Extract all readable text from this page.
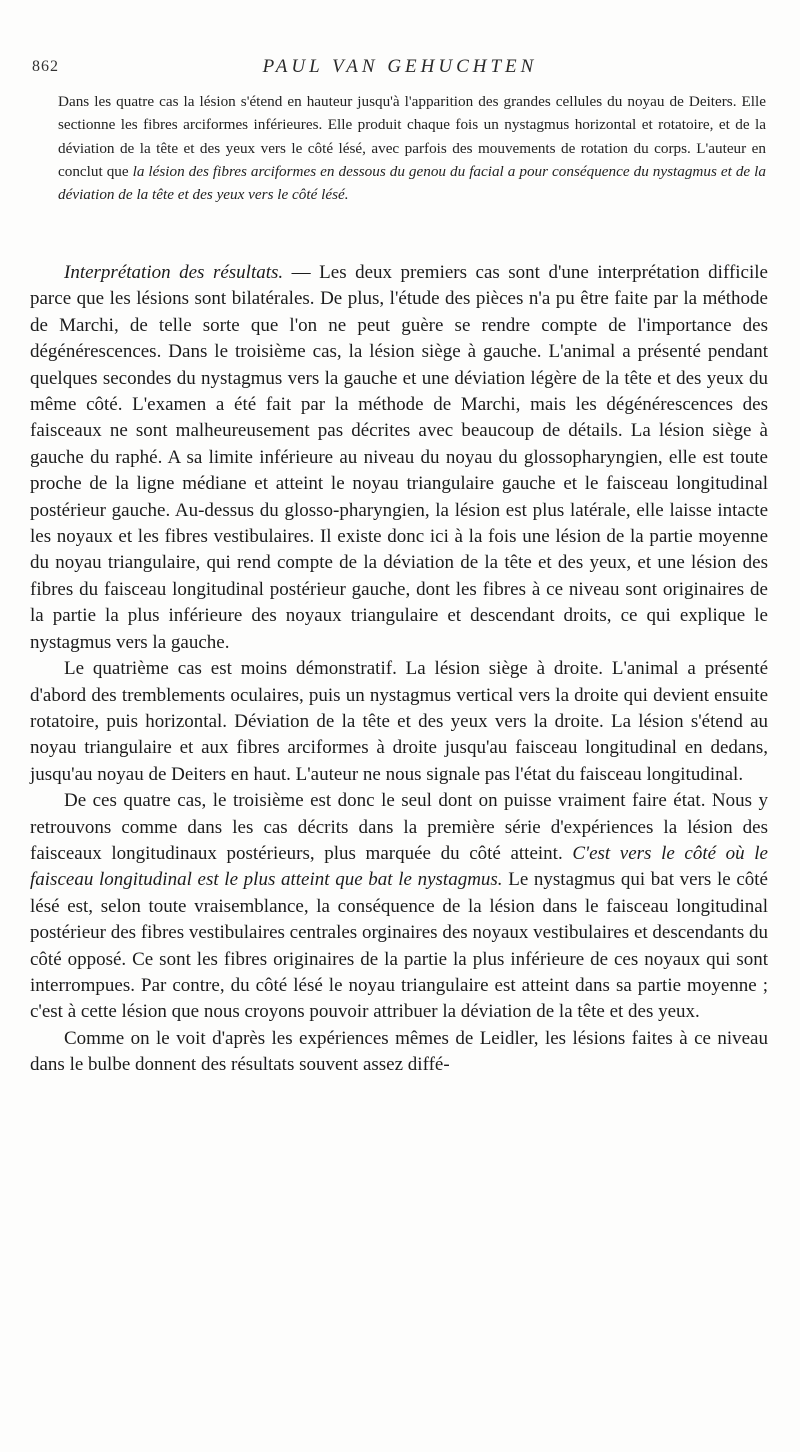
862	PAUL VAN GEHUCHTEN

Dans les quatre cas la lésion s'étend en hauteur jusqu'à l'apparition des grandes cellules du noyau de Deiters. Elle sectionne les fibres arciformes inférieures. Elle produit chaque fois un nystagmus horizontal et rotatoire, et de la déviation de la tête et des yeux vers le côté lésé, avec parfois des mouvements de rotation du corps. L'auteur en conclut que la lésion des fibres arciformes en dessous du genou du facial a pour conséquence du nystagmus et de la déviation de la tête et des yeux vers le côté lésé.

Interprétation des résultats. — Les deux premiers cas sont d'une interprétation difficile parce que les lésions sont bilatérales. De plus, l'étude des pièces n'a pu être faite par la méthode de Marchi, de telle sorte que l'on ne peut guère se rendre compte de l'importance des dégénérescences. Dans le troisième cas, la lésion siège à gauche. L'animal a présenté pendant quelques secondes du nystagmus vers la gauche et une déviation légère de la tête et des yeux du même côté. L'examen a été fait par la méthode de Marchi, mais les dégénérescences des faisceaux ne sont malheureusement pas décrites avec beaucoup de détails. La lésion siège à gauche du raphé. A sa limite inférieure au niveau du noyau du glossopharyngien, elle est toute proche de la ligne médiane et atteint le noyau triangulaire gauche et le faisceau longitudinal postérieur gauche. Au-dessus du glosso-pharyngien, la lésion est plus latérale, elle laisse intacte les noyaux et les fibres vestibulaires. Il existe donc ici à la fois une lésion de la partie moyenne du noyau triangulaire, qui rend compte de la déviation de la tête et des yeux, et une lésion des fibres du faisceau longitudinal postérieur gauche, dont les fibres à ce niveau sont originaires de la partie la plus inférieure des noyaux triangulaire et descendant droits, ce qui explique le nystagmus vers la gauche.

Le quatrième cas est moins démonstratif. La lésion siège à droite. L'animal a présenté d'abord des tremblements oculaires, puis un nystagmus vertical vers la droite qui devient ensuite rotatoire, puis horizontal. Déviation de la tête et des yeux vers la droite. La lésion s'étend au noyau triangulaire et aux fibres arciformes à droite jusqu'au faisceau longitudinal en dedans, jusqu'au noyau de Deiters en haut. L'auteur ne nous signale pas l'état du faisceau longitudinal.

De ces quatre cas, le troisième est donc le seul dont on puisse vraiment faire état. Nous y retrouvons comme dans les cas décrits dans la première série d'expériences la lésion des faisceaux longitudinaux postérieurs, plus marquée du côté atteint. C'est vers le côté où le faisceau longitudinal est le plus atteint que bat le nystagmus. Le nystagmus qui bat vers le côté lésé est, selon toute vraisemblance, la conséquence de la lésion dans le faisceau longitudinal postérieur des fibres vestibulaires centrales orginaires des noyaux vestibulaires et descendants du côté opposé. Ce sont les fibres originaires de la partie la plus inférieure de ces noyaux qui sont interrompues. Par contre, du côté lésé le noyau triangulaire est atteint dans sa partie moyenne ; c'est à cette lésion que nous croyons pouvoir attribuer la déviation de la tête et des yeux.

Comme on le voit d'après les expériences mêmes de Leidler, les lésions faites à ce niveau dans le bulbe donnent des résultats souvent assez diffé-
